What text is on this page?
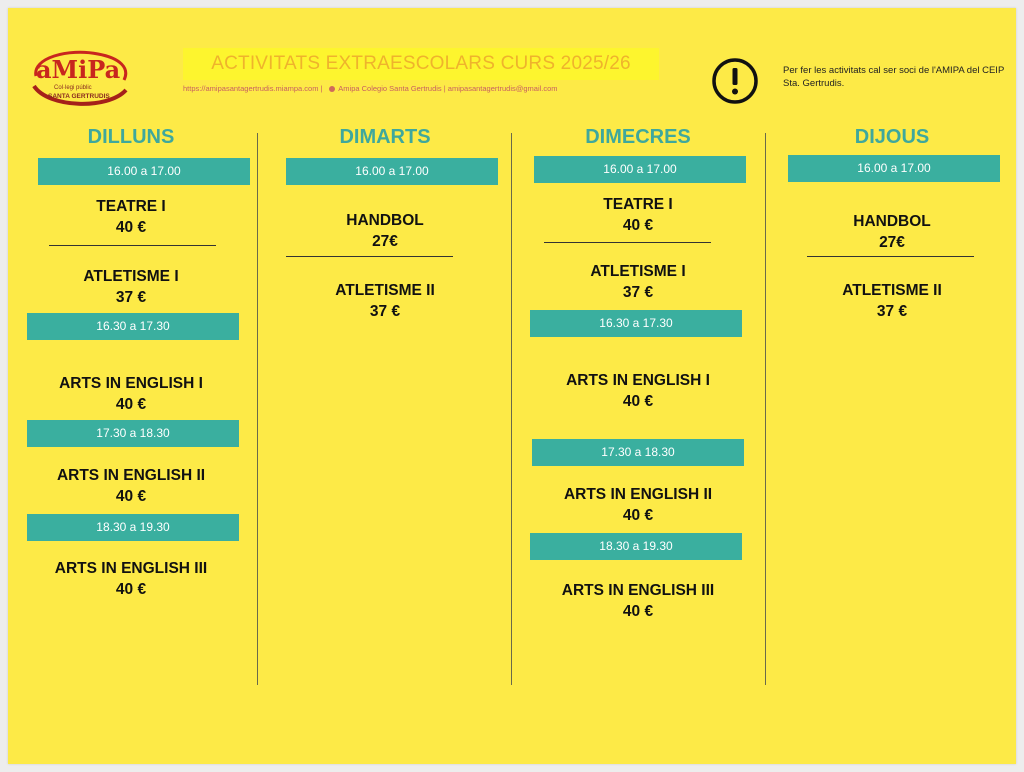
aMiPa
Col·legi públic
SANTA GERTRUDIS
ACTIVITATS EXTRAESCOLARS CURS 2025/26
https://amipasantagertrudis.miampa.com | Amipa Colegio Santa Gertrudis | amipasantagertrudis@gmail.com
Per fer les activitats cal ser soci de l'AMIPA del CEIP Sta. Gertrudis.
DILLUNS
16.00 a 17.00
TEATRE I
40 €
ATLETISME I
37 €
16.30 a 17.30
ARTS IN ENGLISH I
40 €
17.30 a 18.30
ARTS IN ENGLISH II
40 €
18.30 a 19.30
ARTS IN ENGLISH III
40 €
DIMARTS
16.00 a 17.00
HANDBOL
27€
ATLETISME II
37 €
DIMECRES
16.00 a 17.00
TEATRE I
40 €
ATLETISME I
37 €
16.30 a 17.30
ARTS IN ENGLISH I
40 €
17.30 a 18.30
ARTS IN ENGLISH II
40 €
18.30 a 19.30
ARTS IN ENGLISH III
40 €
DIJOUS
16.00 a 17.00
HANDBOL
27€
ATLETISME II
37 €
